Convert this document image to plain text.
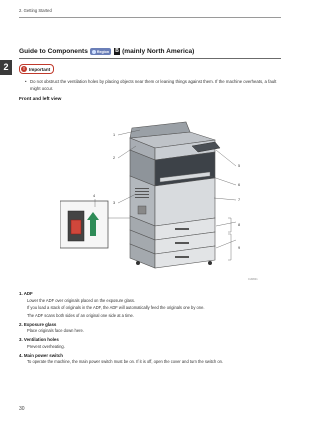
2. Getting Started
2
Guide to Components	Region B (mainly North America)
! Important
• Do not obstruct the ventilation holes by placing objects near them or leaning things against them. If the machine overheats, a fault might occur.
Front and left view
1
2
3
4
5
6
7
8
9
CUR001
1. ADF
Lower the ADF over originals placed on the exposure glass.
If you load a stack of originals in the ADF, the ADF will automatically feed the originals one by one.
The ADF scans both sides of an original one side at a time.
2. Exposure glass
Place originals face down here.
3. Ventilation holes
Prevent overheating.
4. Main power switch
To operate the machine, the main power switch must be on. If it is off, open the cover and turn the switch on.
30
